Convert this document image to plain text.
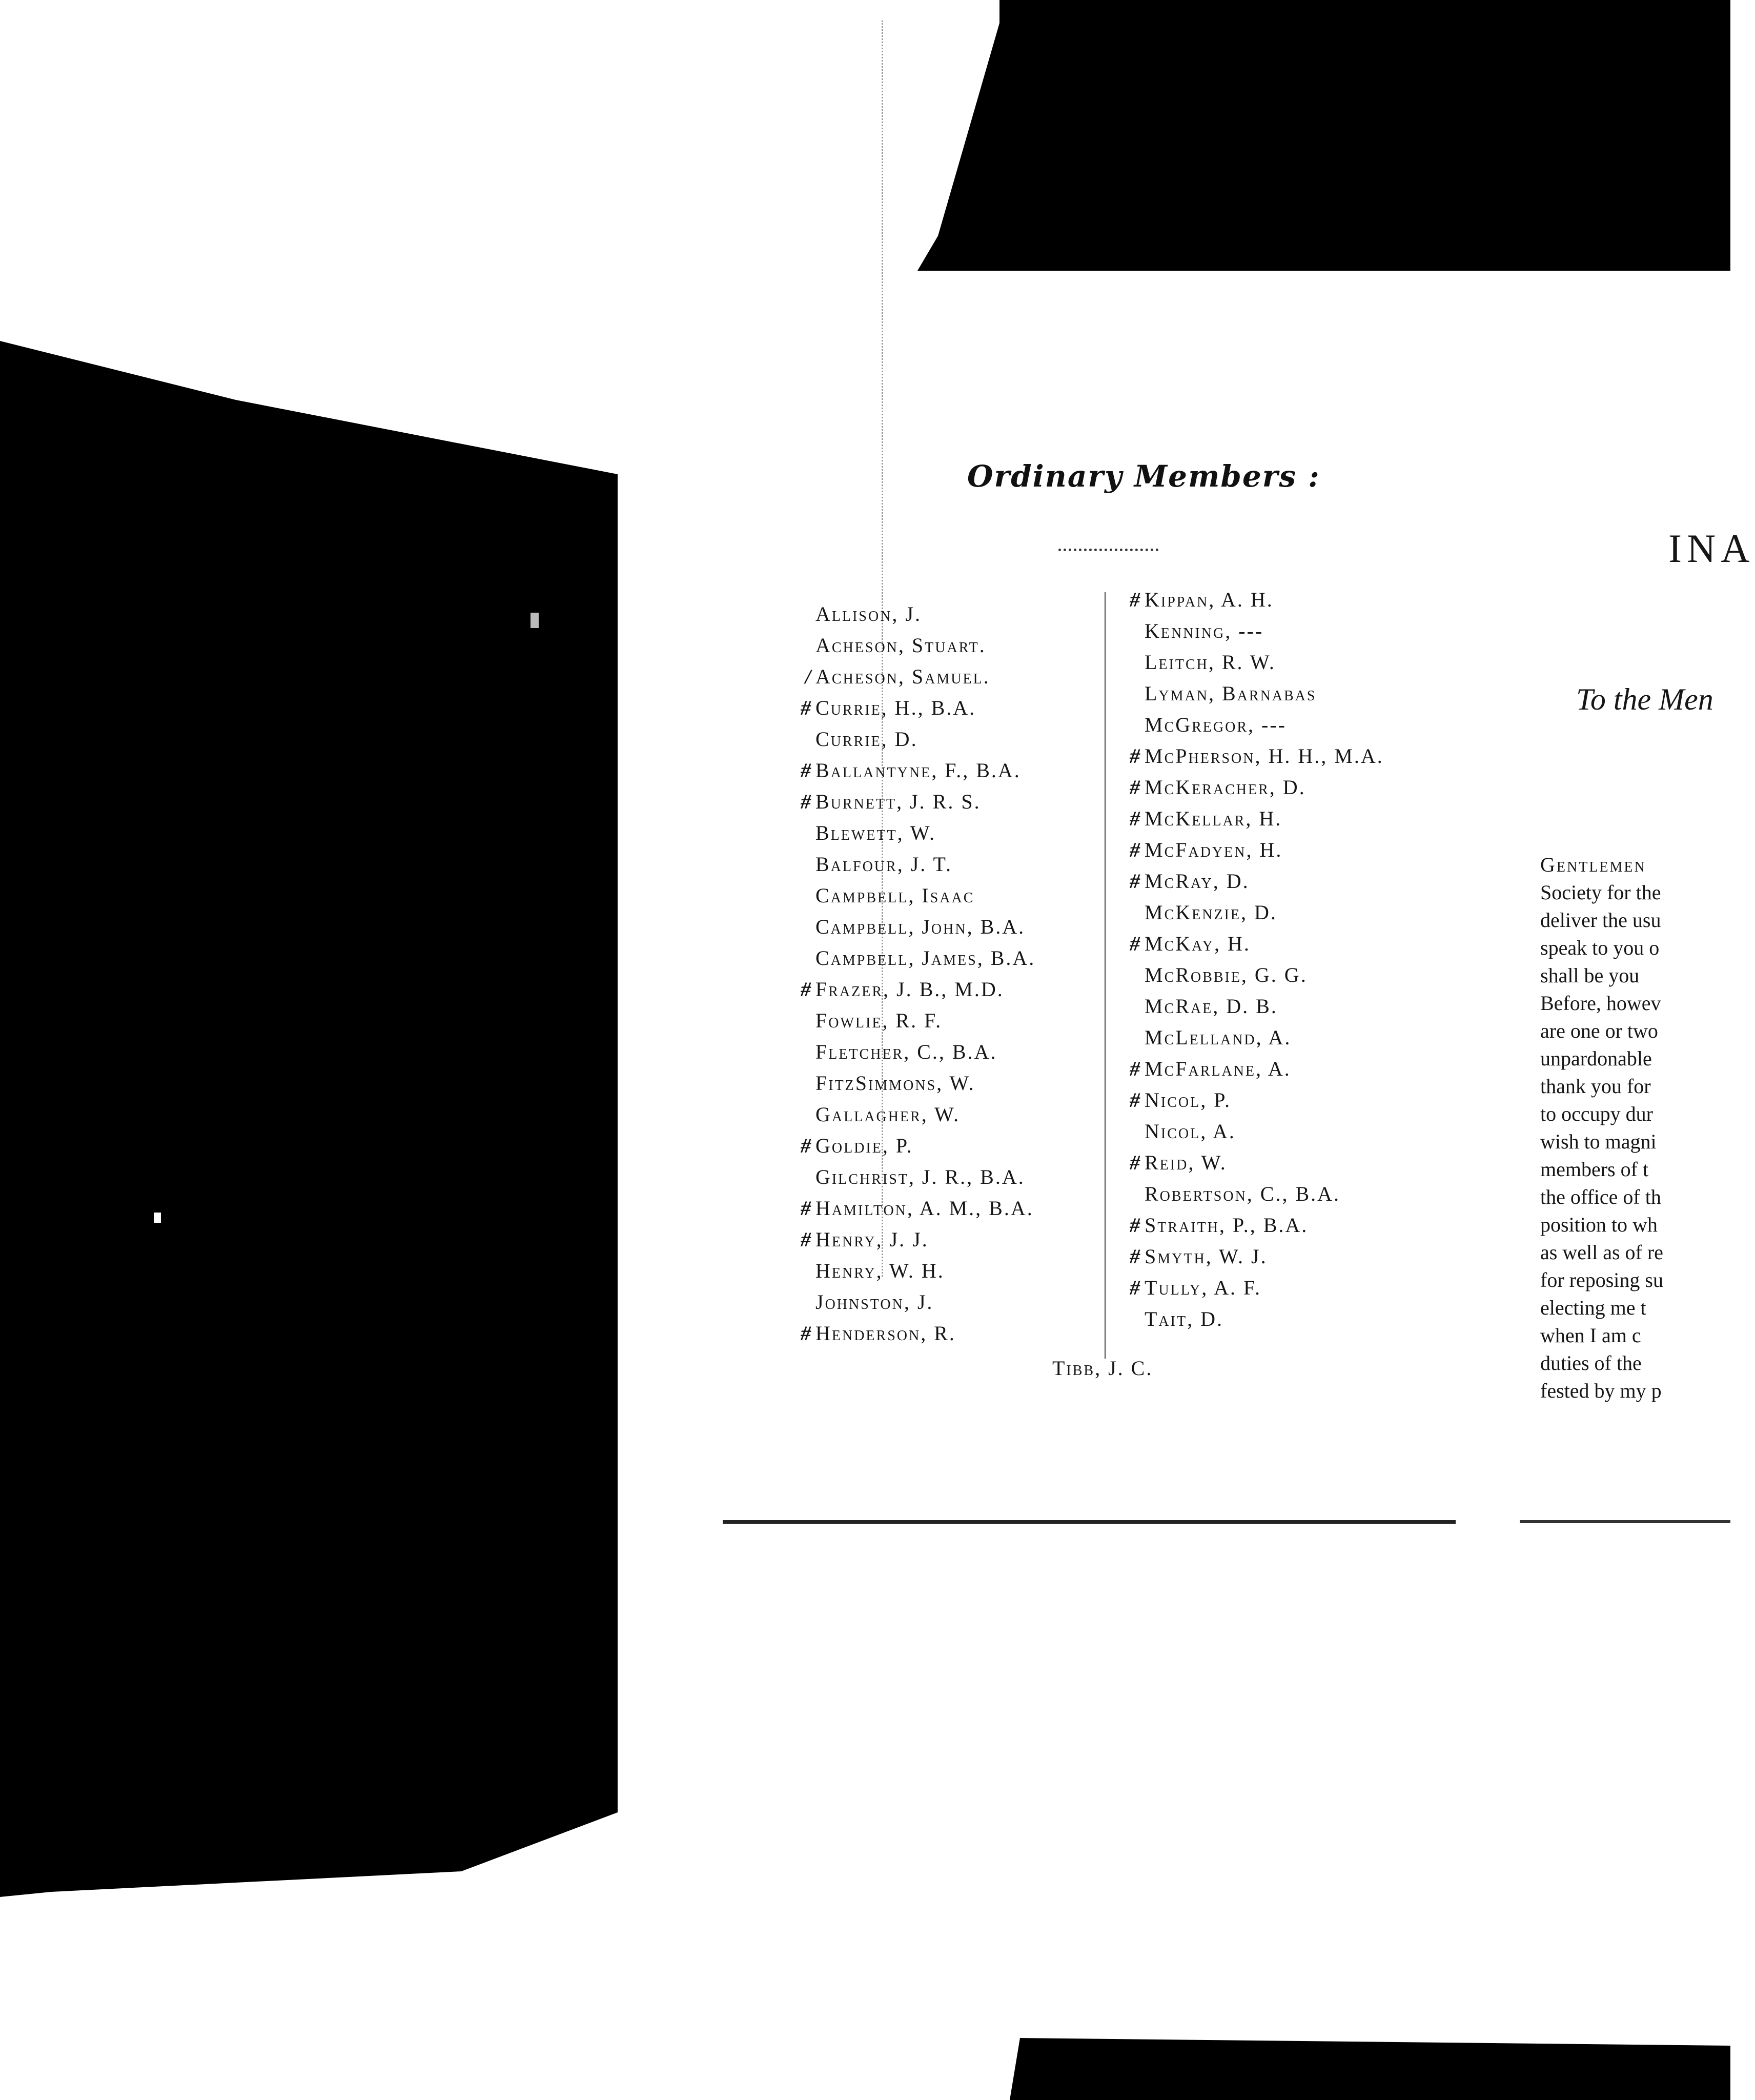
Ordinary Members :
Allison, J.
Acheson, Stuart.
/ Acheson, Samuel.
# Currie, H., B.A.
Currie, D.
# Ballantyne, F., B.A.
# Burnett, J. R. S.
Blewett, W.
Balfour, J. T.
Campbell, Isaac
Campbell, John, B.A.
Campbell, James, B.A.
# Frazer, J. B., M.D.
Fowlie, R. F.
Fletcher, C., B.A.
FitzSimmons, W.
Gallagher, W.
# Goldie, P.
Gilchrist, J. R., B.A.
# Hamilton, A. M., B.A.
# Henry, J. J.
Henry, W. H.
Johnston, J.
# Henderson, R.
# Kippan, A. H.
Kenning, ---
Leitch, R. W.
Lyman, Barnabas
McGregor, ---
# McPherson, H. H., M.A.
# McKeracher, D.
# McKellar, H.
# McFadyen, H.
# McRay, D.
McKenzie, D.
# McKay, H.
McRobbie, G. G.
McRae, D. B.
McLelland, A.
# McFarlane, A.
# Nicol, P.
Nicol, A.
# Reid, W.
Robertson, C., B.A.
# Straith, P., B.A.
# Smyth, W. J.
# Tully, A. F.
Tait, D.
Tibb, J. C.
INA
To the Men
Gentlemen
Society for the
deliver the usu
speak to you o
shall be you
Before, howev
are one or two
unpardonable
thank you for
to occupy dur
wish to magni
members of t
the office of th
position to wh
as well as of re
for reposing su
electing me t
when I am c
duties of the
fested by my p
